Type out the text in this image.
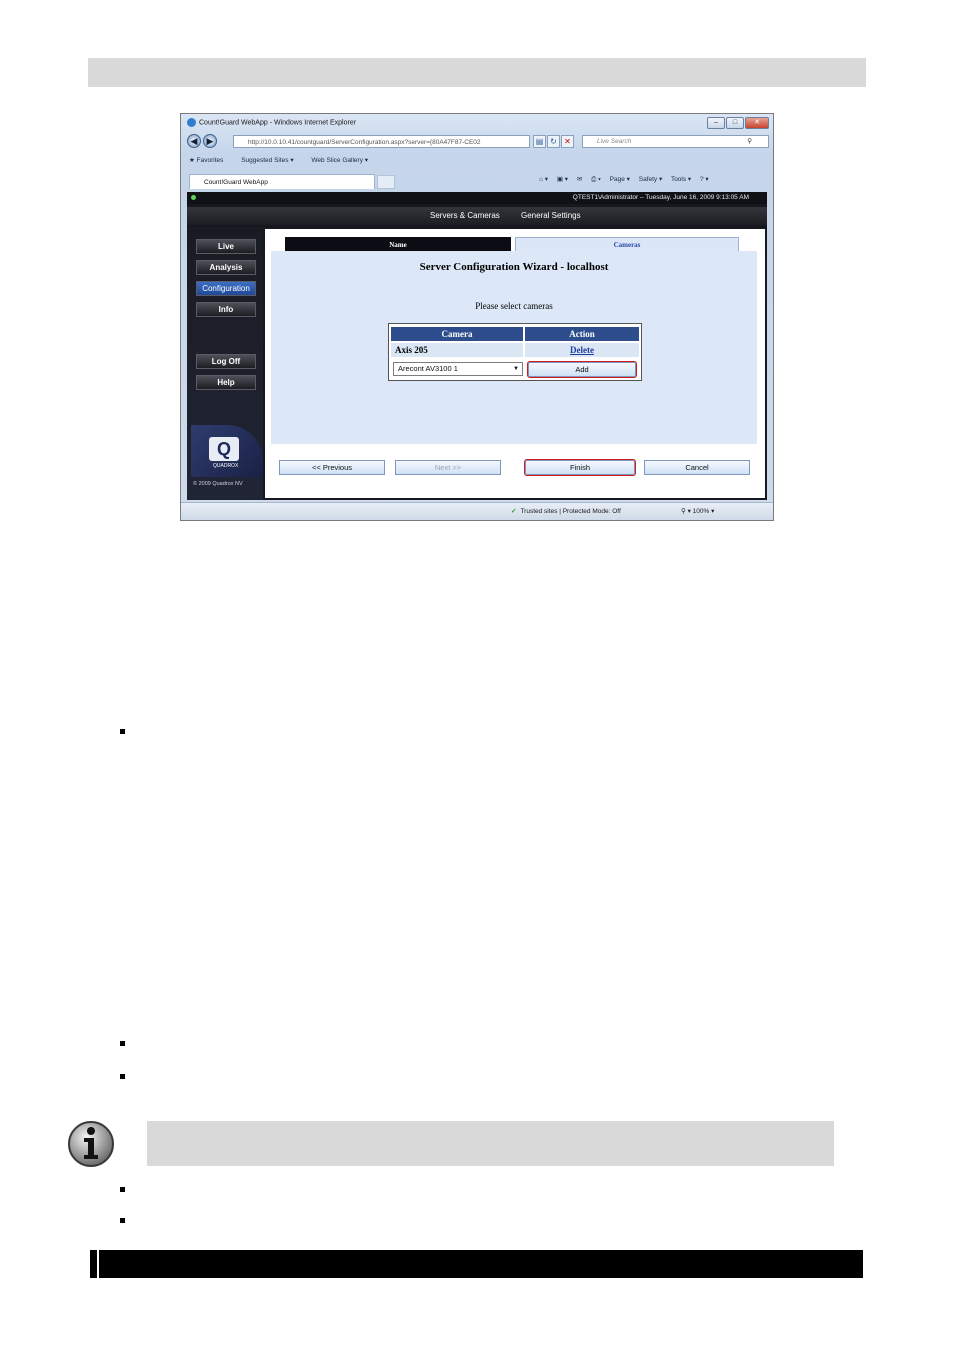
Count!Guard WebApp - Windows Internet Explorer	–	□	✕
◀	▶	http://10.0.10.41/countguard/ServerConfiguration.aspx?server={80A47F87-CE02	▤ ↻ ✕	Live Search	⚲
★ Favorites	Suggested Sites ▾	Web Slice Gallery ▾
Count!Guard WebApp	⌂ ▾ ▣ ▾ ✉ ⎙ ▾ Page ▾ Safety ▾ Tools ▾ ? ▾
QTEST1\Administrator – Tuesday, June 16, 2009 9:13:05 AM
Servers & Cameras	General Settings
Live
Analysis
Configuration
Info
Log Off
Help
Q
QUADROX
© 2009 Quadrox NV
Name	Cameras
Server Configuration Wizard - localhost
Please select cameras
Camera	Action
Axis 205	Delete
Arecont AV3100 1	▼	Add
<< Previous	Next >>	Finish	Cancel
✓ Trusted sites | Protected Mode: Off	⚲ ▾ 100% ▾
